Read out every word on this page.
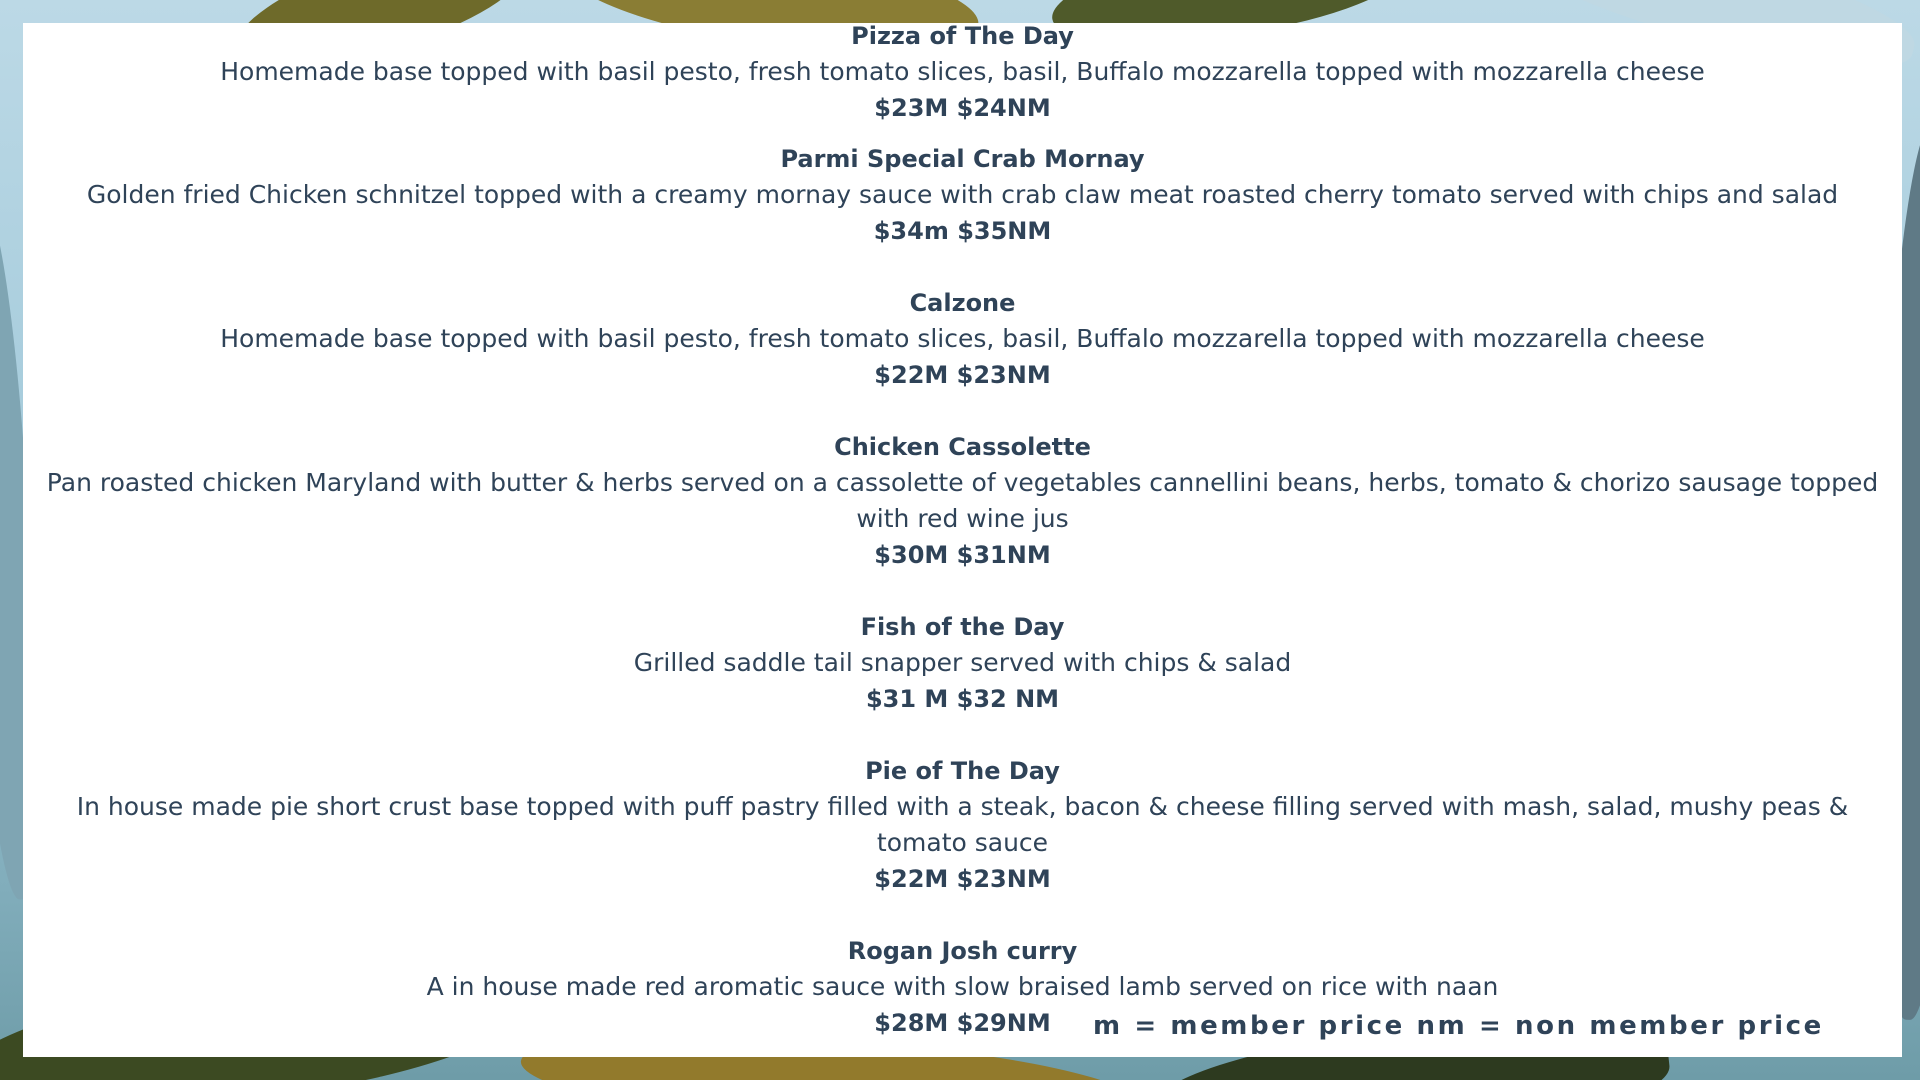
Pizza of The Day
Homemade base topped with basil pesto, fresh tomato slices, basil, Buffalo mozzarella topped with mozzarella cheese
$23M $24NM
Parmi Special Crab Mornay
Golden fried Chicken schnitzel topped with a creamy mornay sauce with crab claw meat roasted cherry tomato served with chips and salad
$34m $35NM
Calzone
Homemade base topped with basil pesto, fresh tomato slices, basil, Buffalo mozzarella topped with mozzarella cheese
$22M $23NM
Chicken Cassolette
Pan roasted chicken Maryland with butter & herbs served on a cassolette of vegetables cannellini beans, herbs, tomato & chorizo sausage topped with red wine jus
$30M $31NM
Fish of the Day
Grilled saddle tail snapper served with chips & salad
$31 M $32 NM
Pie of The Day
In house made pie short crust base topped with puff pastry filled with a steak, bacon & cheese filling served with mash, salad, mushy peas & tomato sauce
$22M $23NM
Rogan Josh curry
A in house made red aromatic sauce with slow braised lamb served on rice with naan
$28M $29NM	m = member price nm = non member price
